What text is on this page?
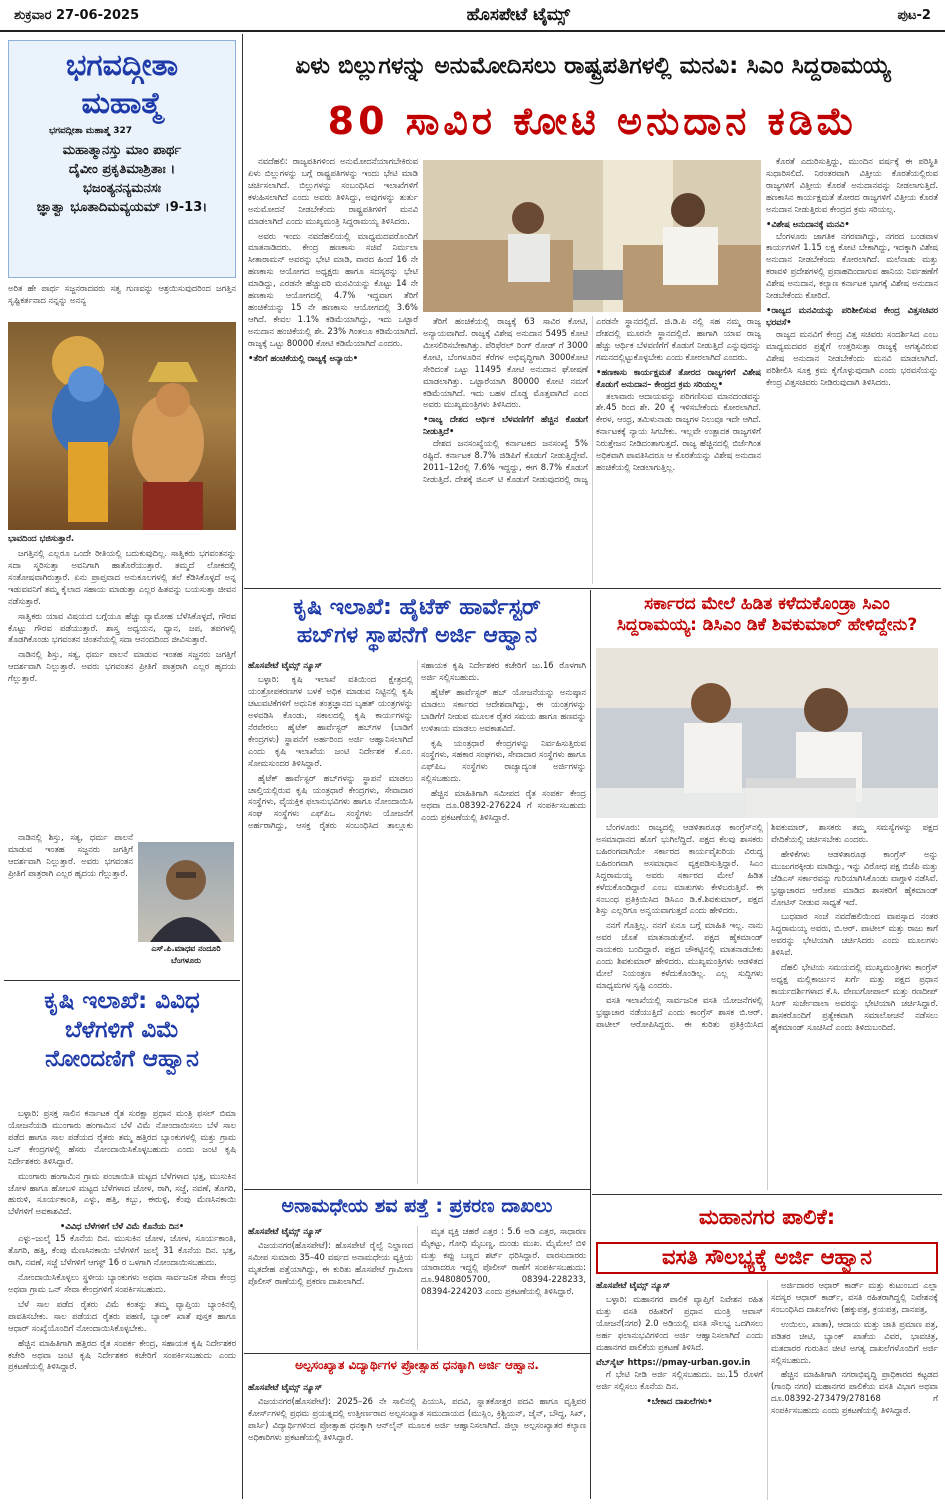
ಶುಕ್ರವಾರ 27-06-2025	ಹೊಸಪೇಟೆ ಟೈಮ್ಸ್	ಪುಟ-2
ಭಗವದ್ಗೀತಾ
ಮಹಾತ್ಮೆ
ಭಗವದ್ಗೀತಾ ಮಹಾತ್ಮೆ 327
ಮಹಾತ್ಮಾನಸ್ತು ಮಾಂ ಪಾರ್ಥ
ದೈವೀಂ ಪ್ರಕೃತಿಮಾಶ್ರಿತಾಃ ।
ಭಜಂತ್ಯನನ್ಯಮನಸಃ
ಜ್ಞಾತ್ವಾ ಭೂತಾದಿಮವ್ಯಯಮ್ ।9-13।
ಅರಿತ ಹೇ ಪಾರ್ಥ ಸಜ್ಜನರಾದವರು ಸತ್ವ ಗುಣವನ್ನು ಆಶ್ರಯಿಸುವುದರಿಂದ ಜಗತ್ತಿನ ಸೃಷ್ಟಿಕರ್ತನಾದ ನನ್ನನ್ನು ಅನನ್ಯ
ಭಾವದಿಂದ ಭಜಿಸುತ್ತಾರೆ.

ಜಗತ್ತಿನಲ್ಲಿ ಎಲ್ಲರೂ ಒಂದೇ ರೀತಿಯಲ್ಲಿ ಬದುಕುವುದಿಲ್ಲ. ಸಾತ್ವಿಕರು ಭಗವಂತನನ್ನು ಸದಾ ಸ್ಮರಿಸುತ್ತಾ ಅವನಿಗಾಗಿ ಹಾತೊರೆಯುತ್ತಾರೆ. ತಮ್ಮದೆ ಲೋಕದಲ್ಲಿ ಸಂತೋಷವಾಗಿರುತ್ತಾರೆ. ಏನು ಪ್ರಾಪ್ತವಾದ ಅನುಕೂಲಗಳಲ್ಲಿ ತಲೆ ಕೆಡಿಸಿಕೊಳ್ಳದೆ ಅನ್ನ ಇಡುವವನಿಗೆ ತಮ್ಮ ಕೈಲಾದ ಸಹಾಯ ಮಾಡುತ್ತಾ ಎಲ್ಲರ ಹಿತವನ್ನು ಬಯಸುತ್ತಾ ಜೀವನ ನಡೆಸುತ್ತಾರೆ.

ಸಾತ್ವಿಕರು ಯಾವ ವಿಷಯದ ಬಗ್ಗೆಯೂ ಹೆಚ್ಚು ವ್ಯಾಮೋಹ ಬೆಳೆಸಿಕೊಳ್ಳದೆ, ಗೌರವ ಕೊಟ್ಟು ಗೌರವ ಪಡೆಯುತ್ತಾರೆ. ಶಾಸ್ತ್ರ ಅಧ್ಯಯನ, ಧ್ಯಾನ, ಜಪ, ತಪಗಳಲ್ಲಿ ತೊಡಗಿಕೊಂಡು ಭಗವಂತನ ಚಿಂತನೆಯಲ್ಲಿ ಸದಾ ಆನಂದದಿಂದ ಜೀವಿಸುತ್ತಾರೆ.

ನಾಡಿನಲ್ಲಿ ಶಿಸ್ತು, ಸತ್ಯ, ಧರ್ಮ ಪಾಲನೆ ಮಾಡುವ ಇಂತಹ ಸಜ್ಜನರು ಜಗತ್ತಿಗೆ ಆದರ್ಶವಾಗಿ ನಿಲ್ಲುತ್ತಾರೆ. ಅವರು ಭಗವಂತನ ಪ್ರೀತಿಗೆ ಪಾತ್ರರಾಗಿ ಎಲ್ಲರ ಹೃದಯ ಗೆಲ್ಲುತ್ತಾರೆ.

ನಾಡಿನಲ್ಲಿ ಶಿಸ್ತು, ಸತ್ಯ, ಧರ್ಮ ಪಾಲನೆ ಮಾಡುವ ಇಂತಹ ಸಜ್ಜನರು ಜಗತ್ತಿಗೆ ಆದರ್ಶವಾಗಿ ನಿಲ್ಲುತ್ತಾರೆ. ಅವರು ಭಗವಂತನ ಪ್ರೀತಿಗೆ ಪಾತ್ರರಾಗಿ ಎಲ್ಲರ ಹೃದಯ ಗೆಲ್ಲುತ್ತಾರೆ.

ಎಸ್.ಪಿ.ಮಾಧವ ನಂದೂರಿ
ಬೆಂಗಳೂರು
ಕೃಷಿ ಇಲಾಖೆ: ವಿವಿಧ
ಬೆಳೆಗಳಿಗೆ ವಿಮೆ
ನೋಂದಣಿಗೆ ಆಹ್ವಾನ

ಬಳ್ಳಾರಿ: ಪ್ರಸಕ್ತ ಸಾಲಿನ ಕರ್ನಾಟಕ ರೈತ ಸುರಕ್ಷಾ ಪ್ರಧಾನ ಮಂತ್ರಿ ಫಸಲ್ ಬಿಮಾ ಯೋಜನೆಯಡಿ ಮುಂಗಾರು ಹಂಗಾಮಿನ ಬೆಳೆ ವಿಮೆ ನೋಂದಾಯಿಸಲು ಬೆಳೆ ಸಾಲ ಪಡೆದ ಹಾಗೂ ಸಾಲ ಪಡೆಯದ ರೈತರು ತಮ್ಮ ಹತ್ತಿರದ ಬ್ಯಾಂಕುಗಳಲ್ಲಿ ಮತ್ತು ಗ್ರಾಮ ಒನ್ ಕೇಂದ್ರಗಳಲ್ಲಿ ಹೆಸರು ನೋಂದಾಯಿಸಿಕೊಳ್ಳಬಹುದು ಎಂದು ಜಂಟಿ ಕೃಷಿ ನಿರ್ದೇಶಕರು ತಿಳಿಸಿದ್ದಾರೆ.

ಮುಂಗಾರು ಹಂಗಾಮಿನ ಗ್ರಾಮ ಪಂಚಾಯಿತಿ ಮಟ್ಟದ ಬೆಳೆಗಳಾದ ಭತ್ತ, ಮುಸುಕಿನ ಜೋಳ ಹಾಗೂ ಹೋಬಳಿ ಮಟ್ಟದ ಬೆಳೆಗಳಾದ ಜೋಳ, ರಾಗಿ, ಸಜ್ಜೆ, ನವಣೆ, ತೊಗರಿ, ಹುರುಳಿ, ಸೂರ್ಯಕಾಂತಿ, ಎಳ್ಳು, ಹತ್ತಿ, ಕಬ್ಬು, ಈರುಳ್ಳಿ, ಕೆಂಪು ಮೆಣಸಿನಕಾಯಿ ಬೆಳೆಗಳಿಗೆ ಅವಕಾಶವಿದೆ.

•ವಿವಿಧ ಬೆಳೆಗಳಿಗೆ ಬೆಳೆ ವಿಮೆ ಕೊನೆಯ ದಿನ•

ಎಳ್ಳು–ಜುಲೈ 15 ಕೊನೆಯ ದಿನ. ಮುಸುಕಿನ ಜೋಳ, ಜೋಳ, ಸೂರ್ಯಕಾಂತಿ, ತೊಗರಿ, ಹತ್ತಿ, ಕೆಂಪು ಮೆಣಸಿನಕಾಯಿ ಬೆಳೆಗಳಿಗೆ ಜುಲೈ 31 ಕೊನೆಯ ದಿನ. ಭತ್ತ, ರಾಗಿ, ನವಣೆ, ಸಜ್ಜೆ ಬೆಳೆಗಳಿಗೆ ಆಗಸ್ಟ್ 16 ರ ಒಳಗಾಗಿ ನೋಂದಾಯಿಸಬಹುದು.

ನೋಂದಾಯಿಸಿಕೊಳ್ಳಲು ಸ್ಥಳೀಯ ಬ್ಯಾಂಕುಗಳು ಅಥವಾ ಸಾರ್ವಜನಿಕ ಸೇವಾ ಕೇಂದ್ರ ಅಥವಾ ಗ್ರಾಮ ಒನ್ ಸೇವಾ ಕೇಂದ್ರಗಳಿಗೆ ಸಂಪರ್ಕಿಸಬಹುದು.

ಬೆಳೆ ಸಾಲ ಪಡೆದ ರೈತರು ವಿಮೆ ಕಂತನ್ನು ತಮ್ಮ ವ್ಯಾಪ್ತಿಯ ಬ್ಯಾಂಕಿನಲ್ಲಿ ಪಾವತಿಸಬೇಕು. ಸಾಲ ಪಡೆಯದ ರೈತರು ಪಹಣಿ, ಬ್ಯಾಂಕ್ ಖಾತೆ ಪುಸ್ತಕ ಹಾಗೂ ಆಧಾರ್ ಸಂಖ್ಯೆಯೊಂದಿಗೆ ನೋಂದಾಯಿಸಿಕೊಳ್ಳಬೇಕು.

ಹೆಚ್ಚಿನ ಮಾಹಿತಿಗಾಗಿ ಹತ್ತಿರದ ರೈತ ಸಂಪರ್ಕ ಕೇಂದ್ರ, ಸಹಾಯಕ ಕೃಷಿ ನಿರ್ದೇಶಕರ ಕಚೇರಿ ಅಥವಾ ಜಂಟಿ ಕೃಷಿ ನಿರ್ದೇಶಕರ ಕಚೇರಿಗೆ ಸಂಪರ್ಕಿಸಬಹುದು ಎಂದು ಪ್ರಕಟಣೆಯಲ್ಲಿ ತಿಳಿಸಿದ್ದಾರೆ.

ಏಳು ಬಿಲ್ಲುಗಳನ್ನು ಅನುಮೋದಿಸಲು ರಾಷ್ಟ್ರಪತಿಗಳಲ್ಲಿ ಮನವಿ: ಸಿಎಂ ಸಿದ್ದರಾಮಯ್ಯ
80 ಸಾವಿರ ಕೋಟಿ ಅನುದಾನ ಕಡಿಮೆ

ನವದೆಹಲಿ: ರಾಜ್ಯಪತಿಗಳಿಂದ ಅನುಮೋದನೆಯಾಗಬೇಕಿರುವ ಏಳು ಬಿಲ್ಲುಗಳನ್ನು ಬಗ್ಗೆ ರಾಷ್ಟ್ರಪತಿಗಳನ್ನು ಇಂದು ಭೇಟಿ ಮಾಡಿ ಚರ್ಚಿಸಲಾಗಿದೆ. ಬಿಲ್ಲುಗಳನ್ನು ಸಂಬಂಧಿಸಿದ ಇಲಾಖೆಗಳಿಗೆ ಕಳುಹಿಸಲಾಗಿದೆ ಎಂದು ಅವರು ತಿಳಿಸಿದ್ದು, ಅವುಗಳನ್ನು ತುರ್ತು ಅನುಮೋದನೆ ನೀಡಬೇಕೆಂದು ರಾಷ್ಟ್ರಪತಿಗಳಿಗೆ ಮನವಿ ಮಾಡಲಾಗಿದೆ ಎಂದು ಮುಖ್ಯಮಂತ್ರಿ ಸಿದ್ದರಾಮಯ್ಯ ತಿಳಿಸಿದರು.

ಅವರು ಇಂದು ನವದೆಹಲಿಯಲ್ಲಿ ಮಾಧ್ಯಮದವರೊಂದಿಗೆ ಮಾತನಾಡಿದರು. ಕೇಂದ್ರ ಹಣಕಾಸು ಸಚಿವೆ ನಿರ್ಮಲಾ ಸೀತಾರಾಮನ್ ಅವರನ್ನು ಭೇಟಿ ಮಾಡಿ, ವಾರದ ಹಿಂದೆ 16 ನೇ ಹಣಕಾಸು ಆಯೋಗದ ಅಧ್ಯಕ್ಷರು ಹಾಗೂ ಸದಸ್ಯರನ್ನು ಭೇಟಿ ಮಾಡಿದ್ದು, ಎರಡನೇ ಹೆಚ್ಚುವರಿ ಮನವಿಯನ್ನು ಕೊಟ್ಟು 14 ನೇ ಹಣಕಾಸು ಆಯೋಗದಲ್ಲಿ 4.7% ಇದ್ದವಾಗ ತೆರಿಗೆ ಹಂಚಿಕೆಯನ್ನು 15 ನೇ ಹಣಕಾಸು ಆಯೋಗದಲ್ಲಿ 3.6% ಆಗಿದೆ. ಕೇವಲ 1.1% ಕಡಿಮೆಯಾಗಿದ್ದು, ಇದು ಒಟ್ಟಾರೆ ಅನುದಾನ ಹಂಚಿಕೆಯಲ್ಲಿ ಶೇ. 23% ಗಿಂತಲೂ ಕಡಿಮೆಯಾಗಿದೆ. ರಾಜ್ಯಕ್ಕೆ ಒಟ್ಟು 80000 ಕೋಟಿ ಕಡಿಮೆಯಾಗಿದೆ ಎಂದರು.

•ತೆರಿಗೆ ಹಂಚಿಕೆಯಲ್ಲಿ ರಾಜ್ಯಕ್ಕೆ ಅನ್ಯಾಯ•

ತೆರಿಗೆ ಹಂಚಿಕೆಯಲ್ಲಿ ರಾಜ್ಯಕ್ಕೆ 63 ಸಾವಿರ ಕೋಟಿ, ಅನ್ಯಾಯವಾಗಿದೆ. ರಾಜ್ಯಕ್ಕೆ ವಿಶೇಷ ಅನುದಾನ 5495 ಕೋಟಿ ಮೀಸಲಿರಿಸಬೇಕಾಗಿತ್ತು. ಪೆರಿಫೆರಲ್ ರಿಂಗ್ ರೋಡ್ ಗೆ 3000 ಕೋಟಿ, ಬೆಂಗಳೂರಿನ ಕೆರೆಗಳ ಅಭಿವೃದ್ಧಿಗಾಗಿ 3000ಕೋಟಿ ಸೇರಿದಂತೆ ಒಟ್ಟು 11495 ಕೋಟಿ ಅನುದಾನ ಘೋಷಣೆ ಮಾಡಲಾಗಿತ್ತು. ಒಟ್ಟಾರೆಯಾಗಿ 80000 ಕೋಟಿ ನಮಗೆ ಕಡಿಮೆಯಾಗಿದೆ. ಇದು ಬಹಳ ದೊಡ್ಡ ಮೊತ್ತವಾಗಿದೆ ಎಂದ ಅವರು ಮುಖ್ಯಮಂತ್ರಿಗಳು ತಿಳಿಸಿದರು.

•ರಾಜ್ಯ ದೇಶದ ಆರ್ಥಿಕ ಬೆಳವಣಿಗೆಗೆ ಹೆಚ್ಚಿನ ಕೊಡುಗೆ ನೀಡುತ್ತಿದೆ•

ದೇಶದ ಜನಸಂಖ್ಯೆಯಲ್ಲಿ ಕರ್ನಾಟಕದ ಜನಸಂಖ್ಯೆ 5% ರಷ್ಟಿದೆ. ಕರ್ನಾಟಕ 8.7% ಜಿಡಿಪಿಗೆ ಕೊಡುಗೆ ನೀಡುತ್ತಿದ್ದೇವೆ. 2011–12ರಲ್ಲಿ 7.6% ಇದ್ದದ್ದು, ಈಗ 8.7% ಕೊಡುಗೆ ನೀಡುತ್ತಿದೆ. ದೇಶಕ್ಕೆ ಜಿಎಸ್ ಟಿ ಕೊಡುಗೆ ನೀಡುವುದರಲ್ಲಿ ರಾಜ್ಯ ಎರಡನೇ ಸ್ಥಾನದಲ್ಲಿದೆ. ಜಿ.ಡಿ.ಪಿ ನಲ್ಲಿ ಸಹ ನಮ್ಮ ರಾಜ್ಯ ದೇಶದಲ್ಲಿ ಮೂರನೇ ಸ್ಥಾನದಲ್ಲಿದೆ. ಹಾಗಾಗಿ ಯಾವ ರಾಜ್ಯ ಹೆಚ್ಚು ಆರ್ಥಿಕ ಬೆಳವಣಿಗೆಗೆ ಕೊಡುಗೆ ನೀಡುತ್ತಿದೆ ಎನ್ನುವುದನ್ನು ಗಮನದಲ್ಲಿಟ್ಟುಕೊಳ್ಳಬೇಕು ಎಂದು ಕೋರಲಾಗಿದೆ ಎಂದರು.

•ಹಣಕಾಸು ಕಾರ್ಯಕ್ಷಮತೆ ತೋರದ ರಾಜ್ಯಗಳಿಗೆ ವಿಶೇಷ ಕೊಡುಗೆ ಅನುದಾನ– ಕೇಂದ್ರದ ಕ್ರಮ ಸರಿಯಲ್ಲ•

ತಲಾವಾರು ಆದಾಯವನ್ನು ಪರಿಗಣಿಸುವ ಮಾನದಂಡವನ್ನು ಶೇ.45 ರಿಂದ ಶೇ. 20 ಕ್ಕೆ ಇಳಿಸಬೇಕೆಂದು ಕೋರಲಾಗಿದೆ. ಕೇರಳ, ಆಂಧ್ರ, ತಮಿಳುನಾಡು ರಾಜ್ಯಗಳ ನಿಲುವೂ ಇದೇ ಆಗಿದೆ. ಕರ್ನಾಟಕಕ್ಕೆ ನ್ಯಾಯ ಸಿಗಬೇಕು. ಇಲ್ಲವೇ ಉತ್ಪಾದಕ ರಾಜ್ಯಗಳಿಗೆ ನಿರುತ್ತೇಜನ ನೀಡಿದಂತಾಗುತ್ತದೆ. ರಾಜ್ಯ ಹೆಚ್ಚಿನದಲ್ಲಿ ಬಿರ್ಜೆಗಿಂತ ಅಧಿಕವಾಗಿ ಪಾವತಿಸಿದರೂ ಆ ಕೊರತೆಯನ್ನು ವಿಶೇಷ ಅನುದಾನ ಹಂಚಿಕೆಯಲ್ಲಿ ನೀಡಲಾಗುತ್ತಿಲ್ಲ.

ಕೊರತೆ ಎದುರಿಸುತ್ತಿದ್ದು, ಮುಂದಿನ ವರ್ಷಕ್ಕೆ ಈ ಪರಿಸ್ಥಿತಿ ಸುಧಾರಿಸಲಿದೆ. ನಿರಂತರವಾಗಿ ವಿತ್ತೀಯ ಕೊರತೆಯಲ್ಲಿರುವ ರಾಜ್ಯಗಳಿಗೆ ವಿತ್ತೀಯ ಕೊರತೆ ಅನುದಾನವನ್ನು ನೀಡಲಾಗುತ್ತಿದೆ. ಹಣಕಾಸಿನ ಕಾರ್ಯಕ್ಷಮತೆ ತೋರದ ರಾಜ್ಯಗಳಿಗೆ ವಿತ್ತೀಯ ಕೊರತೆ ಅನುದಾನ ನೀಡುತ್ತಿರುವ ಕೇಂದ್ರದ ಕ್ರಮ ಸರಿಯಲ್ಲ.

•ವಿಶೇಷ ಅನುದಾನಕ್ಕೆ ಮನವಿ•

ಬೆಂಗಳೂರು ಜಾಗತಿಕ ನಗರವಾಗಿದ್ದು, ನಗರದ ಬಂಡವಾಳ ಕಾರ್ಯಗಳಿಗೆ 1.15 ಲಕ್ಷ ಕೋಟಿ ಬೇಕಾಗಿದ್ದು, ಇದಕ್ಕಾಗಿ ವಿಶೇಷ ಅನುದಾನ ನೀಡಬೇಕೆಂದು ಕೋರಲಾಗಿದೆ. ಮಲೆನಾಡು ಮತ್ತು ಕರಾವಳಿ ಪ್ರದೇಶಗಳಲ್ಲಿ ಪ್ರವಾಹದಿಂದಾಗುವ ಹಾನಿಯ ನಿರ್ವಹಣೆಗೆ ವಿಶೇಷ ಅನುದಾನ, ಕಲ್ಯಾಣ ಕರ್ನಾಟಕ ಭಾಗಕ್ಕೆ ವಿಶೇಷ ಅನುದಾನ ನೀಡಬೇಕೆಂದು ಕೋರಿದೆ.

•ರಾಜ್ಯದ ಮನವಿಯನ್ನು ಪರಿಶೀಲಿಸುವ ಕೇಂದ್ರ ವಿತ್ತಸಚಿವರ ಭರವಸೆ•

ರಾಜ್ಯದ ಮನವಿಗೆ ಕೇಂದ್ರ ವಿತ್ತ ಸಚಿವರು ಸಂದರ್ಶಿಸಿದ ಎಂಬ ಮಾಧ್ಯಮದವರ ಪ್ರಶ್ನೆಗೆ ಉತ್ತರಿಸುತ್ತಾ ರಾಜ್ಯಕ್ಕೆ ಅಗತ್ಯವಿರುವ ವಿಶೇಷ ಅನುದಾನ ನೀಡಬೇಕೆಂದು ಮನವಿ ಮಾಡಲಾಗಿದೆ. ಪರಿಶೀಲಿಸಿ ಸೂಕ್ತ ಕ್ರಮ ಕೈಗೊಳ್ಳುವುದಾಗಿ ಎಂದು ಭರವಸೆಯನ್ನು ಕೇಂದ್ರ ವಿತ್ತಸಚಿವರು ನೀಡಿರುವುದಾಗಿ ತಿಳಿಸಿದರು.

ಕೃಷಿ ಇಲಾಖೆ: ಹೈಟೆಕ್ ಹಾರ್ವೆಸ್ಟರ್
ಹಬ್‌ಗಳ ಸ್ಥಾಪನೆಗೆ ಅರ್ಜಿ ಆಹ್ವಾನ
ಹೊಸಪೇಟೆ ಟೈಮ್ಸ್ ನ್ಯೂಸ್

ಬಳ್ಳಾರಿ: ಕೃಷಿ ಇಲಾಖೆ ವತಿಯಿಂದ ಕ್ಷೇತ್ರದಲ್ಲಿ ಯಂತ್ರೋಪಕರಣಗಳ ಬಳಕೆ ಅಧಿಕ ಮಾಡುವ ನಿಟ್ಟಿನಲ್ಲಿ ಕೃಷಿ ಚಟುವಟಿಕೆಗಳಿಗೆ ಅಧುನಿಕ ತಂತ್ರಜ್ಞಾನದ ಬೃಹತ್ ಯಂತ್ರಗಳನ್ನು ಅಳವಡಿಸಿ ಕೊಂಡು, ಸಕಾಲದಲ್ಲಿ ಕೃಷಿ ಕಾರ್ಯಗಳನ್ನು ನೆರವೇರಲು ಹೈಟೆಕ್ ಹಾರ್ವೆಸ್ಟರ್ ಹಬ್‌ಗಳ (ಬಾಡಿಗೆ ಕೇಂದ್ರಗಳು) ಸ್ಥಾಪನೆಗೆ ಅರ್ಹರಿಂದ ಅರ್ಜಿ ಆಹ್ವಾನಿಸಲಾಗಿದೆ ಎಂದು ಕೃಷಿ ಇಲಾಖೆಯ ಜಂಟಿ ನಿರ್ದೇಶಕ ಕೆ.ಎಂ. ಸೋಮಸುಂದರ ತಿಳಿಸಿದ್ದಾರೆ.

ಹೈಟೆಕ್ ಹಾರ್ವೆಸ್ಟರ್ ಹಬ್‌ಗಳನ್ನು ಸ್ಥಾಪನೆ ಮಾಡಲು ಚಾಲ್ತಿಯಲ್ಲಿರುವ ಕೃಷಿ ಯಂತ್ರಧಾರೆ ಕೇಂದ್ರಗಳು, ಸೇವಾದಾರ ಸಂಸ್ಥೆಗಳು, ವೈಯಕ್ತಿಕ ಫಲಾನುಭವಿಗಳು ಹಾಗೂ ನೋಂದಾಯಿಸಿ ಸಂಘ ಸಂಸ್ಥೆಗಳು ಎಫ್‌ಪಿಒ ಸಂಸ್ಥೆಗಳು ಯೋಜನೆಗೆ ಅರ್ಹರಾಗಿದ್ದು, ಆಸಕ್ತ ರೈತರು ಸಂಬಂಧಿಸಿದ ತಾಲ್ಲೂಕು ಸಹಾಯಕ ಕೃಷಿ ನಿರ್ದೇಶಕರ ಕಚೇರಿಗೆ ಜು.16 ರೊಳಗಾಗಿ ಅರ್ಜಿ ಸಲ್ಲಿಸಬಹುದು.

ಹೈಟೆಕ್ ಹಾರ್ವೆಸ್ಟರ್ ಹಬ್ ಯೋಜನೆಯನ್ನು ಅನುಷ್ಠಾನ ಮಾಡಲು ಸರ್ಕಾರದ ಆದೇಶವಾಗಿದ್ದು, ಈ ಯಂತ್ರಗಳನ್ನು ಬಾಡಿಗೆಗೆ ನೀಡುವ ಮೂಲಕ ರೈತರ ಸಮಯ ಹಾಗೂ ಹಣವನ್ನು ಉಳಿತಾಯ ಮಾಡಲು ಅವಕಾಶವಿದೆ.

ಕೃಷಿ ಯಂತ್ರಧಾರೆ ಕೇಂದ್ರಗಳನ್ನು ನಿರ್ವಹಿಸುತ್ತಿರುವ ಸಂಸ್ಥೆಗಳು, ಸಹಕಾರ ಸಂಘಗಳು, ಸೇವಾದಾರ ಸಂಸ್ಥೆಗಳು ಹಾಗೂ ಎಫ್‌ಪಿಒ ಸಂಸ್ಥೆಗಳು ರಾಜ್ಯಾದ್ಯಂತ ಅರ್ಜಿಗಳನ್ನು ಸಲ್ಲಿಸಬಹುದು.

ಹೆಚ್ಚಿನ ಮಾಹಿತಿಗಾಗಿ ಸಮೀಪದ ರೈತ ಸಂಪರ್ಕ ಕೇಂದ್ರ ಅಥವಾ ದೂ.08392-276224 ಗೆ ಸಂಪರ್ಕಿಸಬಹುದು ಎಂದು ಪ್ರಕಟಣೆಯಲ್ಲಿ ತಿಳಿಸಿದ್ದಾರೆ.

ಅನಾಮಧೇಯ ಶವ ಪತ್ತೆ : ಪ್ರಕರಣ ದಾಖಲು
ಹೊಸಪೇಟೆ ಟೈಮ್ಸ್ ನ್ಯೂಸ್

ವಿಜಯನಗರ(ಹೊಸಪೇಟೆ): ಹೊಸಪೇಟೆ ರೈಲ್ವೆ ನಿಲ್ದಾಣದ ಸಮೀಪ ಸುಮಾರು 35–40 ವರ್ಷದ ಅನಾಮಧೇಯ ವ್ಯಕ್ತಿಯ ಮೃತದೇಹ ಪತ್ತೆಯಾಗಿದ್ದು, ಈ ಕುರಿತು ಹೊಸಪೇಟೆ ಗ್ರಾಮೀಣ ಪೊಲೀಸ್ ಠಾಣೆಯಲ್ಲಿ ಪ್ರಕರಣ ದಾಖಲಾಗಿದೆ.

ಮೃತ ವ್ಯಕ್ತಿ ಚಹರೆ ಎತ್ತರ : 5.6 ಅಡಿ ಎತ್ತರ, ಸಾಧಾರಣ ಮೈಕಟ್ಟು, ಗೋಧಿ ಮೈಬಣ್ಣ, ದುಂಡು ಮುಖ. ಮೈಮೇಲೆ ಬಿಳಿ ಮತ್ತು ಕಪ್ಪು ಬಣ್ಣದ ಶರ್ಟ್ ಧರಿಸಿದ್ದಾರೆ. ವಾರಸುದಾರರು ಯಾರಾದರೂ ಇದ್ದಲ್ಲಿ ಪೊಲೀಸ್ ಠಾಣೆಗೆ ಸಂಪರ್ಕಿಸಬಹುದು: ದೂ.9480805700, 08394-228233, 08394-224203 ಎಂದು ಪ್ರಕಟಣೆಯಲ್ಲಿ ತಿಳಿಸಿದ್ದಾರೆ.

ಅಲ್ಪಸಂಖ್ಯಾತ ವಿದ್ಯಾರ್ಥಿಗಳ ಪ್ರೋತ್ಸಾಹ ಧನಕ್ಕಾಗಿ ಅರ್ಜಿ ಆಹ್ವಾನ.
ಹೊಸಪೇಟೆ ಟೈಮ್ಸ್ ನ್ಯೂಸ್

ವಿಜಯನಗರ(ಹೊಸಪೇಟೆ): 2025–26 ನೇ ಸಾಲಿನಲ್ಲಿ ಪಿಯುಸಿ, ಪದವಿ, ಸ್ನಾತಕೋತ್ತರ ಪದವಿ ಹಾಗೂ ವೃತ್ತಿಪರ ಕೋರ್ಸ್‌ಗಳಲ್ಲಿ ಪ್ರಥಮ ಪ್ರಯತ್ನದಲ್ಲಿ ಉತ್ತೀರ್ಣರಾದ ಅಲ್ಪಸಂಖ್ಯಾತ ಸಮುದಾಯದ (ಮುಸ್ಲಿಂ, ಕ್ರಿಶ್ಚಿಯನ್, ಜೈನ್, ಬೌದ್ಧ, ಸಿಖ್, ಪಾರ್ಸಿ) ವಿದ್ಯಾರ್ಥಿಗಳಿಂದ ಪ್ರೋತ್ಸಾಹ ಧನಕ್ಕಾಗಿ ಆನ್‌ಲೈನ್ ಮೂಲಕ ಅರ್ಜಿ ಆಹ್ವಾನಿಸಲಾಗಿದೆ. ಜಿಲ್ಲಾ ಅಲ್ಪಸಂಖ್ಯಾತರ ಕಲ್ಯಾಣ ಅಧಿಕಾರಿಗಳು ಪ್ರಕಟಣೆಯಲ್ಲಿ ತಿಳಿಸಿದ್ದಾರೆ.

ಸರ್ಕಾರದ ಮೇಲೆ ಹಿಡಿತ ಕಳೆದುಕೊಂಡ್ರಾ ಸಿಎಂ
ಸಿದ್ದರಾಮಯ್ಯ: ಡಿಸಿಎಂ ಡಿಕೆ ಶಿವಕುಮಾರ್ ಹೇಳಿದ್ದೇನು?

ಬೆಂಗಳೂರು: ರಾಜ್ಯದಲ್ಲಿ ಆಡಳಿತಾರೂಢ ಕಾಂಗ್ರೆಸ್‌ನಲ್ಲಿ ಅಸಮಾಧಾನದ ಹೊಗೆ ಭುಗಿಲೆದ್ದಿದೆ. ಪಕ್ಷದ ಕೆಲವು ಶಾಸಕರು ಬಹಿರಂಗವಾಗಿಯೇ ಸರ್ಕಾರದ ಕಾರ್ಯವೈಖರಿಯ ವಿರುದ್ಧ ಬಹಿರಂಗವಾಗಿ ಅಸಮಾಧಾನ ವ್ಯಕ್ತಪಡಿಸುತ್ತಿದ್ದಾರೆ. ಸಿಎಂ ಸಿದ್ದರಾಮಯ್ಯ ಅವರು ಸರ್ಕಾರದ ಮೇಲೆ ಹಿಡಿತ ಕಳೆದುಕೊಂಡಿದ್ದಾರೆ ಎಂಬ ಮಾತುಗಳು ಕೇಳಿಬರುತ್ತಿವೆ. ಈ ಸಂಬಂಧ ಪ್ರತಿಕ್ರಿಯಿಸಿದ ಡಿಸಿಎಂ ಡಿ.ಕೆ.ಶಿವಕುಮಾರ್, ಪಕ್ಷದ ಶಿಸ್ತು ಎಲ್ಲರಿಗೂ ಅನ್ವಯವಾಗುತ್ತದೆ ಎಂದು ಹೇಳಿದರು.

ನನಗೆ ಗೊತ್ತಿಲ್ಲ. ನನಗೆ ಏನೂ ಬಗ್ಗೆ ಮಾಹಿತಿ ಇಲ್ಲ. ನಾನು ಅವರ ಜೊತೆ ಮಾತನಾಡುತ್ತೇನೆ. ಪಕ್ಷದ ಹೈಕಮಾಂಡ್ ನಾಯಕರು ಬಂದಿದ್ದಾರೆ. ಪಕ್ಷದ ಚೌಕಟ್ಟಿನಲ್ಲಿ ಮಾತನಾಡಬೇಕು ಎಂದು ಶಿವಕುಮಾರ್ ಹೇಳಿದರು. ಮುಖ್ಯಮಂತ್ರಿಗಳು ಆಡಳಿತದ ಮೇಲೆ ನಿಯಂತ್ರಣ ಕಳೆದುಕೊಂಡಿಲ್ಲ. ಎಲ್ಲ ಸುದ್ದಿಗಳು ಮಾಧ್ಯಮಗಳ ಸೃಷ್ಟಿ ಎಂದರು.

ವಸತಿ ಇಲಾಖೆಯಲ್ಲಿ ಸಾರ್ವಜನಿಕ ವಸತಿ ಯೋಜನೆಗಳಲ್ಲಿ ಭ್ರಷ್ಟಾಚಾರ ನಡೆಯುತ್ತಿದೆ ಎಂದು ಕಾಂಗ್ರೆಸ್ ಶಾಸಕ ಬಿ.ಆರ್. ಪಾಟೀಲ್ ಆರೋಪಿಸಿದ್ದರು. ಈ ಕುರಿತು ಪ್ರತಿಕ್ರಿಯಿಸಿದ ಶಿವಕುಮಾರ್, ಶಾಸಕರು ತಮ್ಮ ಸಮಸ್ಯೆಗಳನ್ನು ಪಕ್ಷದ ವೇದಿಕೆಯಲ್ಲಿ ಚರ್ಚಿಸಬೇಕು ಎಂದರು.

ಹೇಳಿಕೆಗಳು ಆಡಳಿತಾರೂಢ ಕಾಂಗ್ರೆಸ್ ಅನ್ನು ಮುಜುಗರಕ್ಕೀಡು ಮಾಡಿದ್ದು, ಇನ್ನು ವಿರೋಧ ಪಕ್ಷ ಬಿಜೆಪಿ ಮತ್ತು ಜೆಡಿಎಸ್ ಸರ್ಕಾರವನ್ನು ಗುರಿಯಾಗಿಸಿಕೊಂಡು ವಾಗ್ದಾಳಿ ನಡೆಸಿವೆ. ಭ್ರಷ್ಟಾಚಾರದ ಆರೋಪ ಮಾಡಿದ ಶಾಸಕರಿಗೆ ಹೈಕಮಾಂಡ್ ನೋಟಿಸ್ ನೀಡುವ ಸಾಧ್ಯತೆ ಇದೆ.

ಬುಧವಾರ ಸಂಜೆ ನವದೆಹಲಿಯಿಂದ ವಾಪಸ್ಸಾದ ನಂತರ ಸಿದ್ದರಾಮಯ್ಯ ಅವರು, ಬಿ.ಆರ್. ಪಾಟೀಲ್ ಮತ್ತು ರಾಜು ಕಾಗೆ ಅವರನ್ನು ಭೇಟಿಯಾಗಿ ಚರ್ಚಿಸಿದರು ಎಂದು ಮೂಲಗಳು ತಿಳಿಸಿವೆ.

ದೆಹಲಿ ಭೇಟಿಯ ಸಮಯದಲ್ಲಿ ಮುಖ್ಯಮಂತ್ರಿಗಳು ಕಾಂಗ್ರೆಸ್ ಅಧ್ಯಕ್ಷ ಮಲ್ಲಿಕಾರ್ಜುನ ಖರ್ಗೆ ಮತ್ತು ಪಕ್ಷದ ಪ್ರಧಾನ ಕಾರ್ಯದರ್ಶಿಗಳಾದ ಕೆ.ಸಿ. ವೇಣುಗೋಪಾಲ್ ಮತ್ತು ರಣದೀಪ್ ಸಿಂಗ್ ಸುರ್ಜೇವಾಲಾ ಅವರನ್ನು ಭೇಟಿಯಾಗಿ ಚರ್ಚಿಸಿದ್ದಾರೆ. ಶಾಸಕರೊಂದಿಗೆ ಪ್ರತ್ಯೇಕವಾಗಿ ಸಮಾಲೋಚನೆ ನಡೆಸಲು ಹೈಕಮಾಂಡ್ ಸೂಚಿಸಿದೆ ಎಂದು ತಿಳಿದುಬಂದಿದೆ.

ಮಹಾನಗರ ಪಾಲಿಕೆ:
ವಸತಿ ಸೌಲಭ್ಯಕ್ಕೆ ಅರ್ಜಿ ಆಹ್ವಾನ
ಹೊಸಪೇಟೆ ಟೈಮ್ಸ್ ನ್ಯೂಸ್

ಬಳ್ಳಾರಿ: ಮಹಾನಗರ ಪಾಲಿಕೆ ವ್ಯಾಪ್ತಿಗೆ ನಿವೇಶನ ರಹಿತ ಮತ್ತು ವಸತಿ ರಹಿತರಿಗೆ ಪ್ರಧಾನ ಮಂತ್ರಿ ಆವಾಸ್ ಯೋಜನೆ(ನಗರ) 2.0 ಅಡಿಯಲ್ಲಿ ವಸತಿ ಸೌಲಭ್ಯ ಒದಗಿಸಲು ಅರ್ಹ ಫಲಾನುಭವಿಗಳಿಂದ ಅರ್ಜಿ ಆಹ್ವಾನಿಸಲಾಗಿದೆ ಎಂದು ಮಹಾನಗರ ಪಾಲಿಕೆಯ ಪ್ರಕಟಣೆ ತಿಳಿಸಿದೆ.

ವೆಬ್‌ಸೈಟ್ https://pmay-urban.gov.in

ಗೆ ಭೇಟಿ ನೀಡಿ ಅರ್ಜಿ ಸಲ್ಲಿಸಬಹುದು. ಜು.15 ರೊಳಗೆ ಅರ್ಜಿ ಸಲ್ಲಿಸಲು ಕೊನೆಯ ದಿನ.

•ಬೇಕಾದ ದಾಖಲೆಗಳು•

ಅರ್ಜಿದಾರರ ಆಧಾರ್ ಕಾರ್ಡ್ ಮತ್ತು ಕುಟುಂಬದ ಎಲ್ಲಾ ಸದಸ್ಯರ ಆಧಾರ್ ಕಾರ್ಡ್, ವಸತಿ ರಹಿತರಾಗಿದ್ದಲ್ಲಿ ನಿವೇಶನಕ್ಕೆ ಸಂಬಂಧಿಸಿದ ದಾಖಲೆಗಳು (ಹಕ್ಕುಪತ್ರ, ಕ್ರಯಪತ್ರ, ದಾನಪತ್ರ,

ಉಯಿಲು, ಖಾತಾ), ಆದಾಯ ಮತ್ತು ಜಾತಿ ಪ್ರಮಾಣ ಪತ್ರ, ಪಡಿತರ ಚೀಟಿ, ಬ್ಯಾಂಕ್ ಖಾತೆಯ ವಿವರ, ಭಾವಚಿತ್ರ, ಮತದಾರರ ಗುರುತಿನ ಚೀಟಿ ಅಗತ್ಯ ದಾಖಲೆಗಳೊಂದಿಗೆ ಅರ್ಜಿ ಸಲ್ಲಿಸಬಹುದು.

ಹೆಚ್ಚಿನ ಮಾಹಿತಿಗಾಗಿ ನಗರಾಭಿವೃದ್ಧಿ ಪ್ರಾಧಿಕಾರದ ಕಟ್ಟಡದ (ಗಾಂಧಿ ನಗರ) ಮಹಾನಗರ ಪಾಲಿಕೆಯ ವಸತಿ ವಿಭಾಗ ಅಥವಾ ದೂ.08392-273479/278168 ಗೆ ಸಂಪರ್ಕಿಸಬಹುದು ಎಂದು ಪ್ರಕಟಣೆಯಲ್ಲಿ ತಿಳಿಸಿದ್ದಾರೆ.
